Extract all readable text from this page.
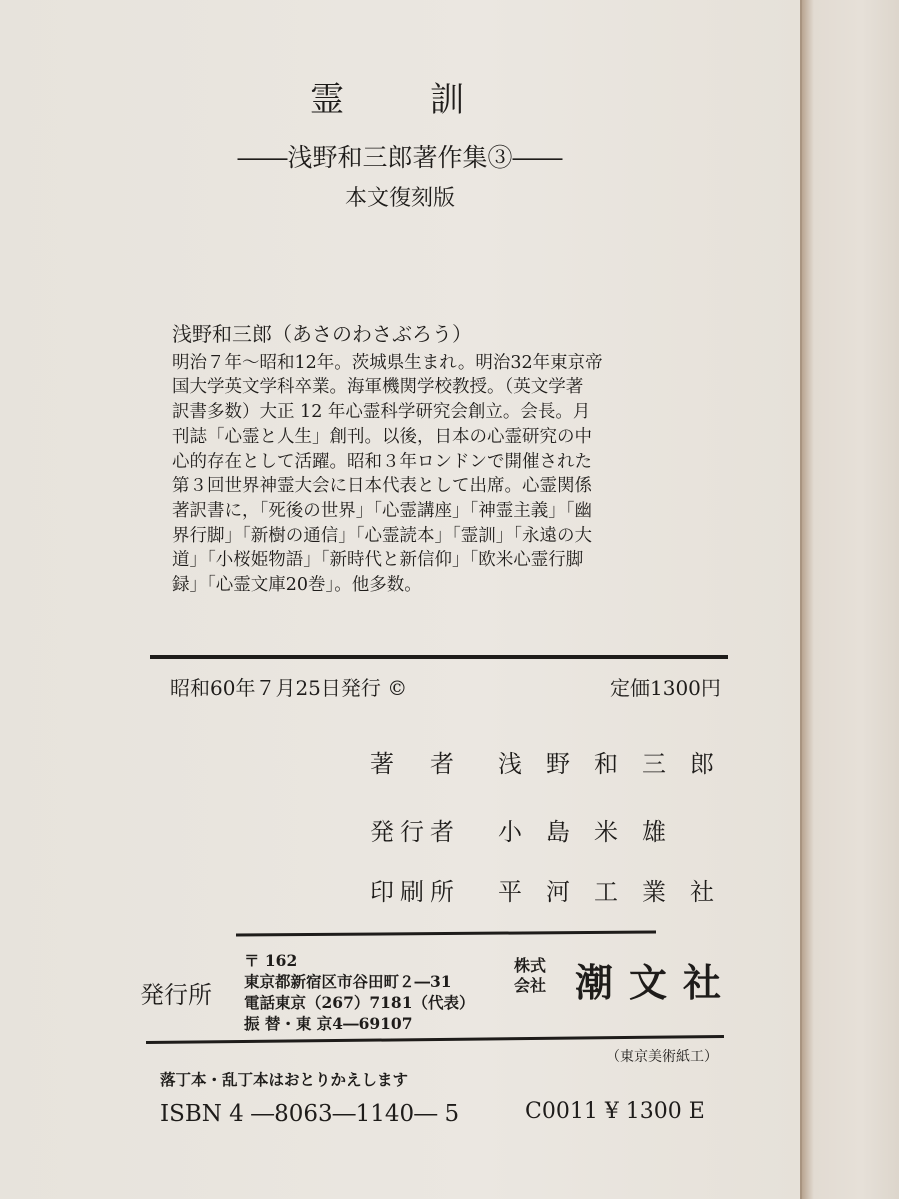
霊　訓
――浅野和三郎著作集③――
本文復刻版
浅野和三郎（あさのわさぶろう）
明治７年～昭和12年。茨城県生まれ。明治32年東京帝
国大学英文学科卒業。海軍機関学校教授。（英文学著
訳書多数）大正 12 年心霊科学研究会創立。会長。月
刊誌「心霊と人生」創刊。以後，日本の心霊研究の中
心的存在として活躍。昭和３年ロンドンで開催された
第３回世界神霊大会に日本代表として出席。心霊関係
著訳書に，「死後の世界」「心霊講座」「神霊主義」「幽
界行脚」「新樹の通信」「心霊読本」「霊訓」「永遠の大
道」「小桜姫物語」「新時代と新信仰」「欧米心霊行脚
録」「心霊文庫20巻」。他多数。
昭和60年７月25日発行 ©	定価1300円
著　者 浅野和三郎
発行者 小島米雄
印刷所 平河工業社
発行所
〒 162
東京都新宿区市谷田町２―31
電話東京（267）7181（代表）
振 替・東 京4―69107
株式
会社 潮文社
（東京美術紙工）
落丁本・乱丁本はおとりかえします
ISBN 4 ―8063―1140― 5	C0011 ¥ 1300 E
